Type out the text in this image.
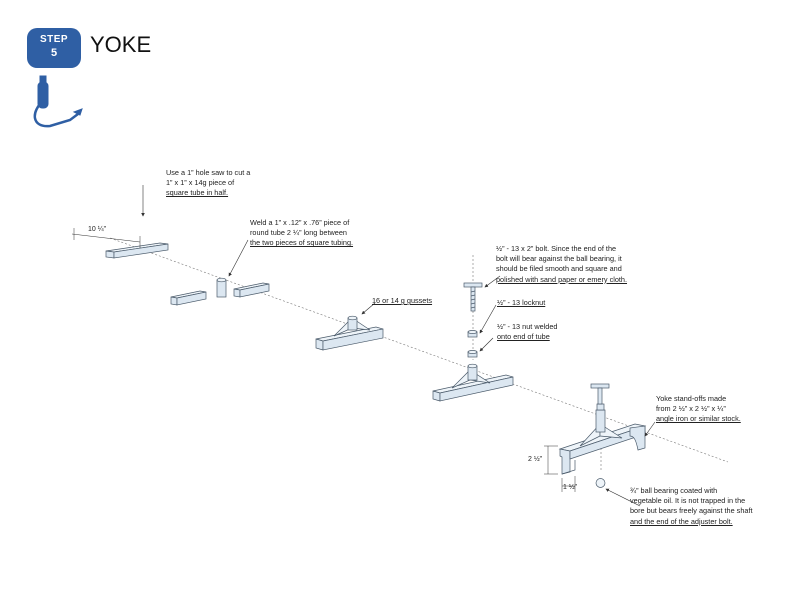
STEP
5	YOKE
Use a 1” hole saw to cut a
1” x 1” x 14g piece of
square tube in half.
Weld a 1” x .12” x .76” piece of
round tube 2 ¼” long between
the two pieces of square tubing.
16 or 14 g gussets
½” - 13 x 2” bolt. Since the end of the
bolt will bear against the ball bearing, it
should be filed smooth and square and
polished with sand paper or emery cloth.
½” - 13 locknut
½” - 13 nut welded
onto end of tube
Yoke stand-offs made
from 2 ½” x 2 ½” x ¼”
angle iron or similar stock.
¾” ball bearing coated with
vegetable oil. It is not trapped in the
bore but bears freely against the shaft
and the end of the adjuster bolt.
10 ¼”
2 ½”
1 ½”
